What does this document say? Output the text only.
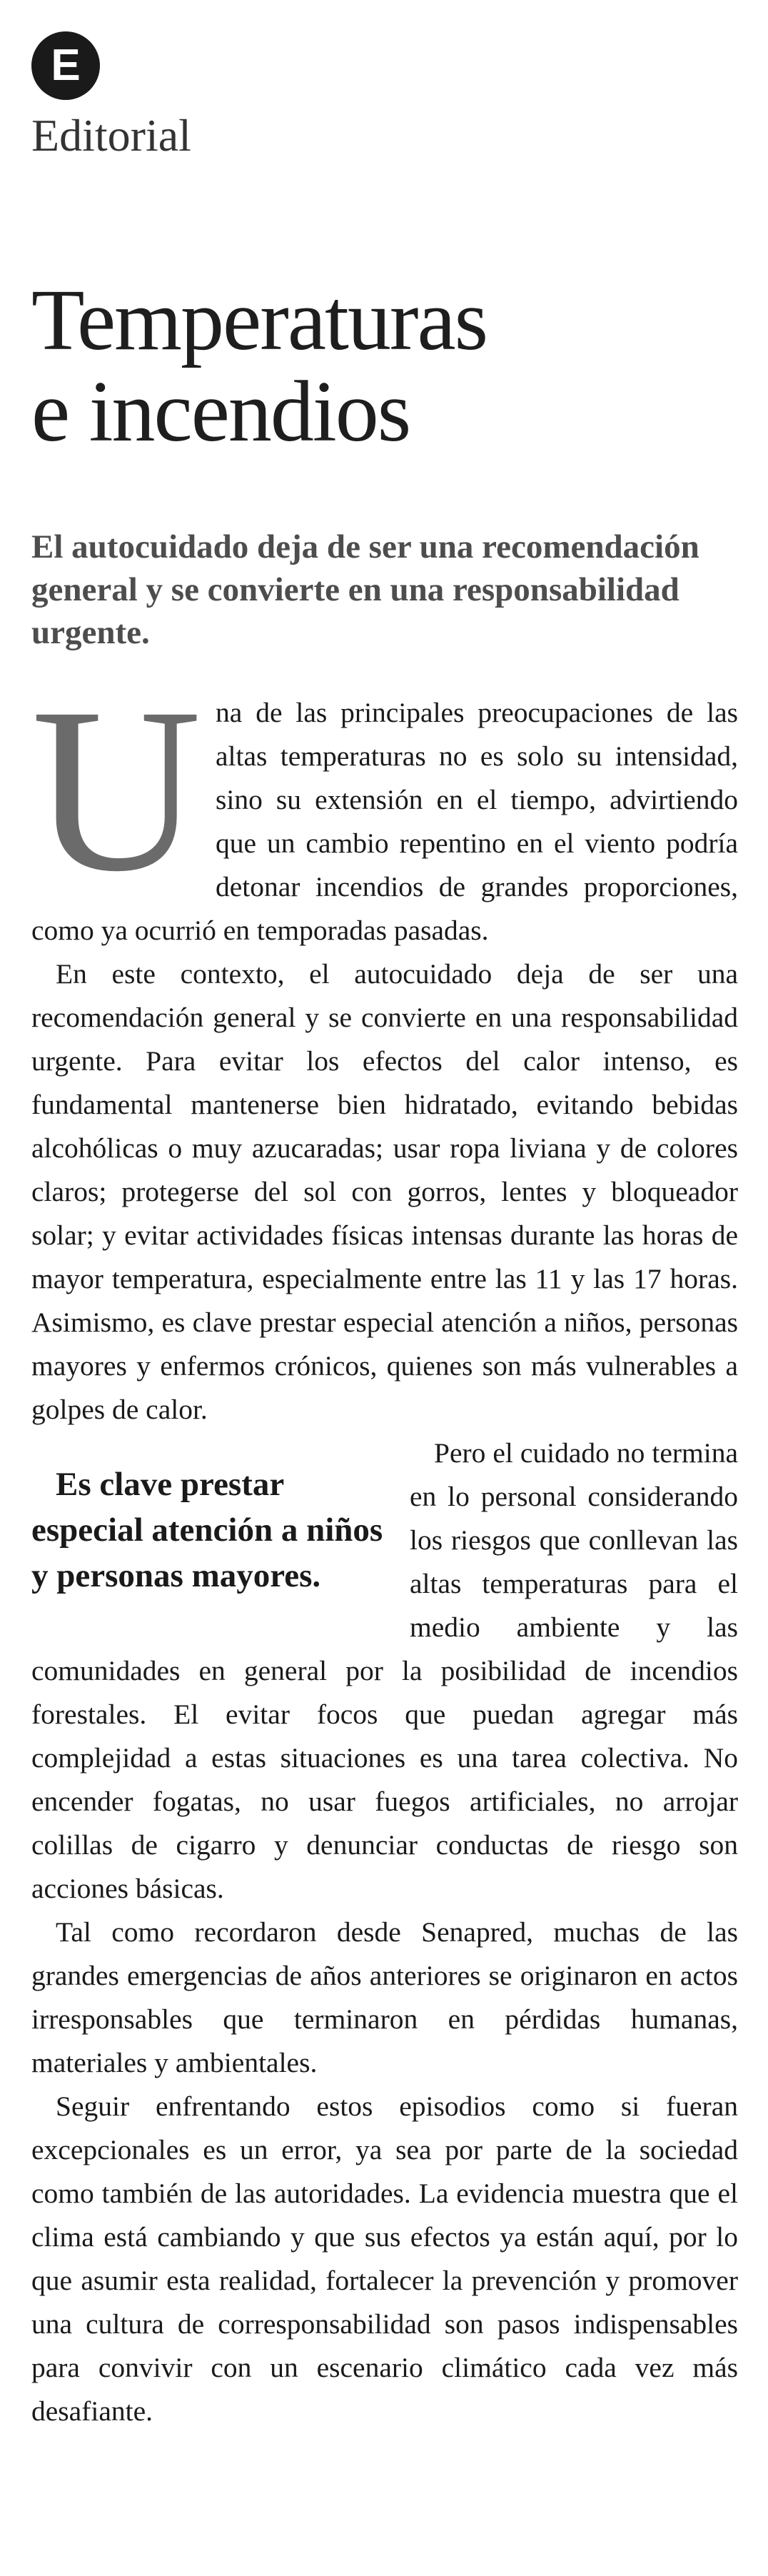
E
Editorial
Temperaturas
e incendios
El autocuidado deja de ser una recomendación general y se convierte en una responsabilidad urgente.

Una de las principales preocupaciones de las altas temperaturas no es solo su intensidad, sino su extensión en el tiempo, advirtiendo que un cambio repentino en el viento podría detonar incendios de grandes proporciones, como ya ocurrió en temporadas pasadas.

En este contexto, el autocuidado deja de ser una recomendación general y se convierte en una responsabilidad urgente. Para evitar los efectos del calor intenso, es fundamental mantenerse bien hidratado, evitando bebidas alcohólicas o muy azucaradas; usar ropa liviana y de colores claros; protegerse del sol con gorros, lentes y bloqueador solar; y evitar actividades físicas intensas durante las horas de mayor temperatura, especialmente entre las 11 y las 17 horas. Asimismo, es clave prestar especial atención a niños, personas mayores y enfermos crónicos, quienes son más vulnerables a golpes de calor.

Es clave prestar especial atención a niños y personas mayores.
Pero el cuidado no termina en lo personal considerando los riesgos que conllevan las altas temperaturas para el medio ambiente y las comunidades en general por la posibilidad de incendios forestales. El evitar focos que puedan agregar más complejidad a estas situaciones es una tarea colectiva. No encender fogatas, no usar fuegos artificiales, no arrojar colillas de cigarro y denunciar conductas de riesgo son acciones básicas.

Tal como recordaron desde Senapred, muchas de las grandes emergencias de años anteriores se originaron en actos irresponsables que terminaron en pérdidas humanas, materiales y ambientales.

Seguir enfrentando estos episodios como si fueran excepcionales es un error, ya sea por parte de la sociedad como también de las autoridades. La evidencia muestra que el clima está cambiando y que sus efectos ya están aquí, por lo que asumir esta realidad, fortalecer la prevención y promover una cultura de corresponsabilidad son pasos indispensables para convivir con un escenario climático cada vez más desafiante.
